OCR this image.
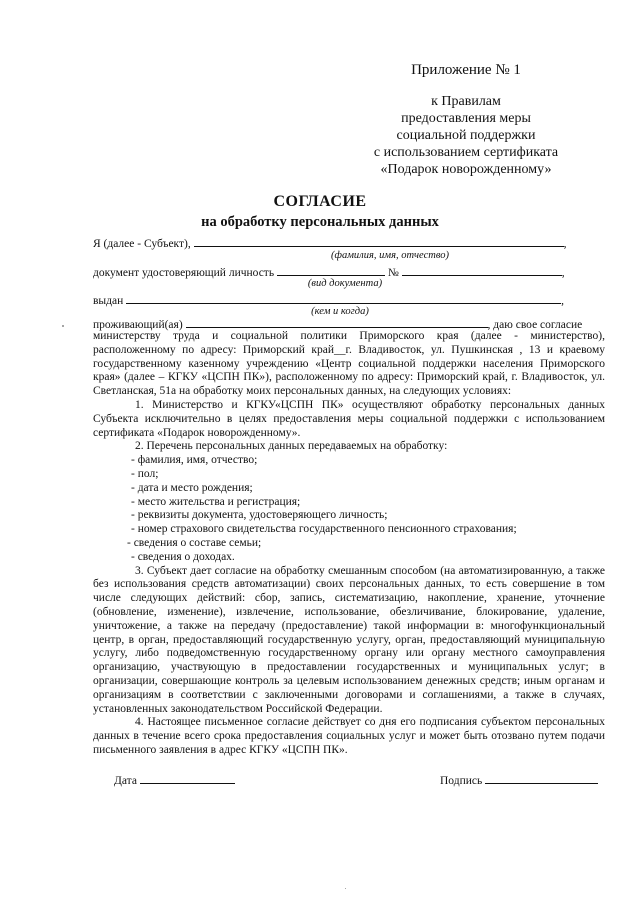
Приложение № 1
к Правилам
предоставления меры
социальной поддержки
с использованием сертификата
«Подарок новорожденному»
СОГЛАСИЕ
на обработку персональных данных
Я (далее - Субъект),	,
(фамилия, имя, отчество)
документ удостоверяющий личность	№	,
(вид документа)
выдан	,
(кем и когда)
проживающий(ая)	, даю свое согласие

министерству труда и социальной политики Приморского края (далее - министерство), расположенному по адресу: Приморский край__г. Владивосток, ул. Пушкинская , 13 и краевому государственному казенному учреждению «Центр социальной поддержки населения Приморского края» (далее – КГКУ «ЦСПН ПК»), расположенному по адресу: Приморский край, г. Владивосток, ул. Светланская, 51а на обработку моих персональных данных, на следующих условиях:

1. Министерство и КГКУ«ЦСПН ПК» осуществляют обработку персональных данных Субъекта исключительно в целях предоставления меры социальной поддержки с использованием сертификата «Подарок новорожденному».

2. Перечень персональных данных передаваемых на обработку:

- фамилия, имя, отчество;

- пол;

- дата и место рождения;

- место жительства и регистрация;

- реквизиты документа, удостоверяющего личность;

- номер страхового свидетельства государственного пенсионного страхования;

- сведения о составе семьи;

- сведения о доходах.

3. Субъект дает согласие на обработку смешанным способом (на автоматизированную, а также без использования средств автоматизации) своих персональных данных, то есть совершение в том числе следующих действий: сбор, запись, систематизацию, накопление, хранение, уточнение (обновление, изменение), извлечение, использование, обезличивание, блокирование, удаление, уничтожение, а также на передачу (предоставление) такой информации в: многофункциональный центр, в орган, предоставляющий государственную услугу, орган, предоставляющий муниципальную услугу, либо подведомственную государственному органу или органу местного самоуправления организацию, участвующую в предоставлении государственных и муниципальных услуг; в организации, совершающие контроль за целевым использованием денежных средств; иным органам и организациям в соответствии с заключенными договорами и соглашениями, а также в случаях, установленных законодательством Российской Федерации.

4. Настоящее письменное согласие действует со дня его подписания субъектом персональных данных в течение всего срока предоставления социальных услуг и может быть отозвано путем подачи письменного заявления в адрес КГКУ «ЦСПН ПК».

Дата	Подпись
